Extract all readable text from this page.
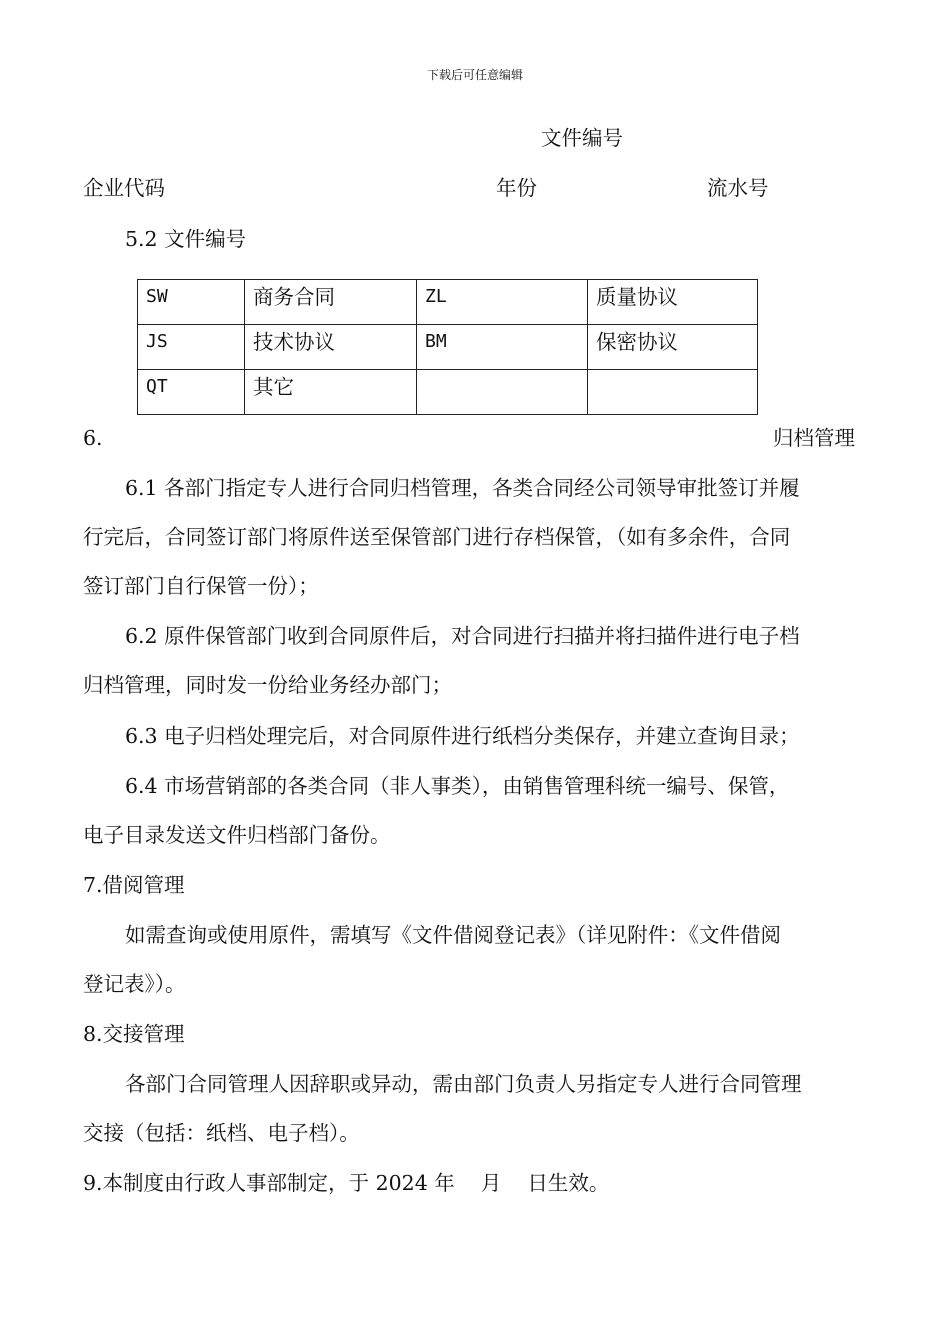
下载后可任意编辑
文件编号
企业代码	年份	流水号
5.2 文件编号
SW	商务合同	ZL	质量协议
JS	技术协议	BM	保密协议
QT	其它		
6.	归档管理
6.1 各部门指定专人进行合同归档管理，各类合同经公司领导审批签订并履
行完后，合同签订部门将原件送至保管部门进行存档保管，（如有多余件，合同
签订部门自行保管一份）；
6.2 原件保管部门收到合同原件后，对合同进行扫描并将扫描件进行电子档
归档管理，同时发一份给业务经办部门；
6.3 电子归档处理完后，对合同原件进行纸档分类保存，并建立查询目录；
6.4 市场营销部的各类合同（非人事类），由销售管理科统一编号、保管，
电子目录发送文件归档部门备份。
7.借阅管理
如需查询或使用原件，需填写《文件借阅登记表》（详见附件：《文件借阅
登记表》）。
8.交接管理
各部门合同管理人因辞职或异动，需由部门负责人另指定专人进行合同管理
交接（包括：纸档、电子档）。
9.本制度由行政人事部制定，于 2024 年    月    日生效。
